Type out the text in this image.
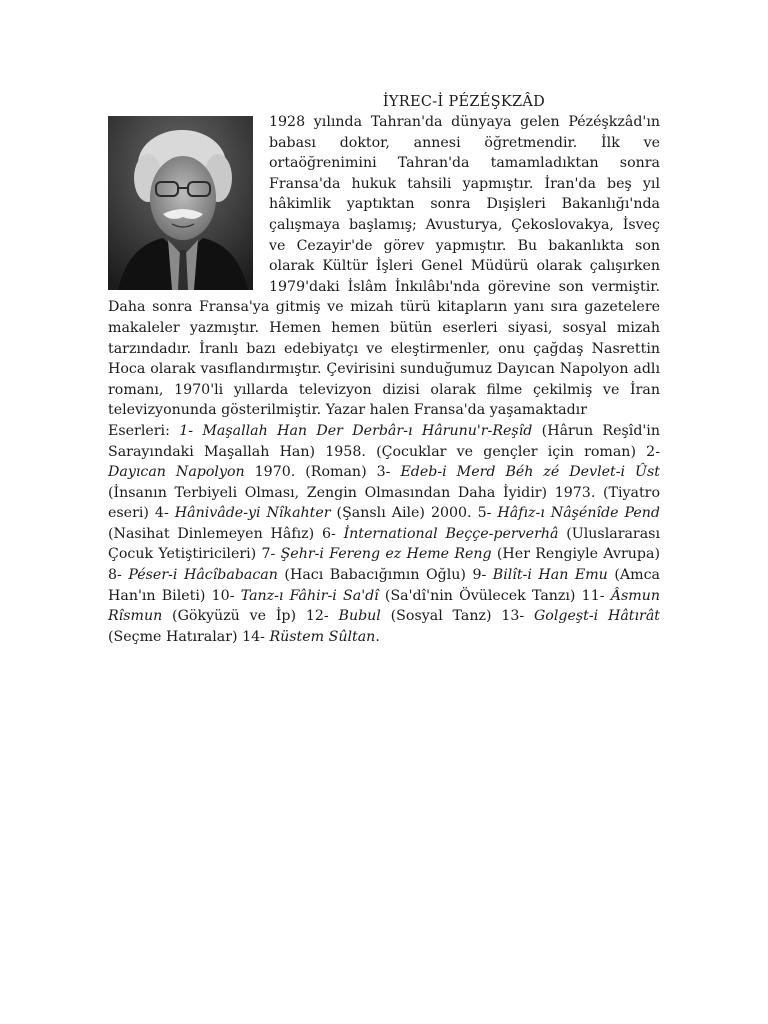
İYREC-İ PÉZÉŞKZÂD

1928 yılında Tahran'da dünyaya gelen Pézéşkzâd'ın babası doktor, annesi öğretmendir. İlk ve ortaöğrenimini Tahran'da tamamladıktan sonra Fransa'da hukuk tahsili yapmıştır. İran'da beş yıl hâkimlik yaptıktan sonra Dışişleri Bakanlığı'nda çalışmaya başlamış; Avusturya, Çekoslovakya, İsveç ve Cezayir'de görev yapmıştır. Bu bakanlıkta son olarak Kültür İşleri Genel Müdürü olarak çalışırken 1979'daki İslâm İnkılâbı'nda görevine son vermiştir. Daha sonra Fransa'ya gitmiş ve mizah türü kitapların yanı sıra gazetelere makaleler yazmıştır. Hemen hemen bütün eserleri siyasi, sosyal mizah tarzındadır. İranlı bazı edebiyatçı ve eleştirmenler, onu çağdaş Nasrettin Hoca olarak vasıflandırmıştır. Çevirisini sunduğumuz Dayıcan Napolyon adlı romanı, 1970'li yıllarda televizyon dizisi olarak filme çekilmiş ve İran televizyonunda gösterilmiştir. Yazar halen Fransa'da yaşamaktadır

Eserleri: 1- Maşallah Han Der Derbâr-ı Hârunu'r-Reşîd (Hârun Reşîd'in Sarayındaki Maşallah Han) 1958. (Çocuklar ve gençler için roman) 2- Dayıcan Napolyon 1970. (Roman) 3- Edeb-i Merd Béh zé Devlet-i Ûst (İnsanın Terbiyeli Olması, Zengin Olmasından Daha İyidir) 1973. (Tiyatro eseri) 4- Hânivâde-yi Nîkahter (Şanslı Aile) 2000. 5- Hâfız-ı Nâşénîde Pend (Nasihat Dinlemeyen Hâfız) 6- İnternational Beççe-perverhâ (Uluslararası Çocuk Yetiştiricileri) 7- Şehr-i Fereng ez Heme Reng (Her Rengiyle Avrupa) 8- Péser-i Hâcîbabacan (Hacı Babacığımın Oğlu) 9- Bilît-i Han Emu (Amca Han'ın Bileti) 10- Tanz-ı Fâhir-i Sa'dî (Sa'dî'nin Övülecek Tanzı) 11- Âsmun Rîsmun (Gökyüzü ve İp) 12- Bubul (Sosyal Tanz) 13- Golgeşt-i Hâtırât (Seçme Hatıralar) 14- Rüstem Sûltan.
